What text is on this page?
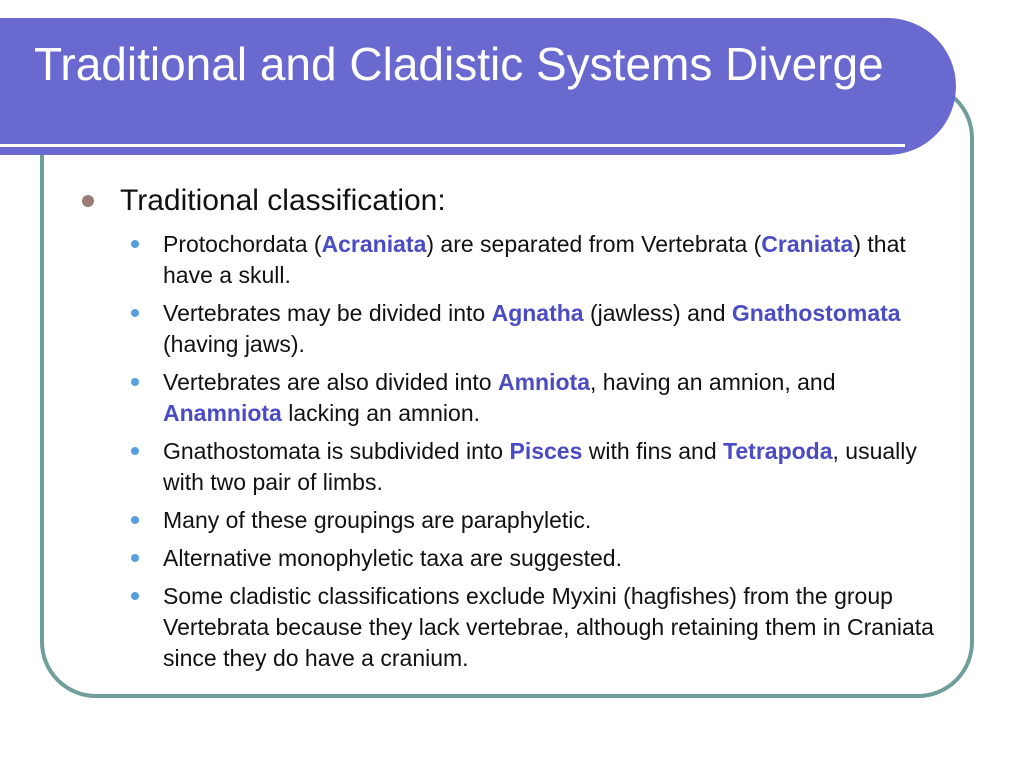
Traditional and Cladistic Systems Diverge
Traditional classification:
Protochordata (Acraniata) are separated from Vertebrata (Craniata) that have a skull.
Vertebrates may be divided into Agnatha (jawless) and Gnathostomata (having jaws).
Vertebrates are also divided into Amniota, having an amnion, and Anamniota lacking an amnion.
Gnathostomata is subdivided into Pisces with fins and Tetrapoda, usually with two pair of limbs.
Many of these groupings are paraphyletic.
Alternative monophyletic taxa are suggested.
Some cladistic classifications exclude Myxini (hagfishes) from the group Vertebrata because they lack vertebrae, although retaining them in Craniata since they do have a cranium.
